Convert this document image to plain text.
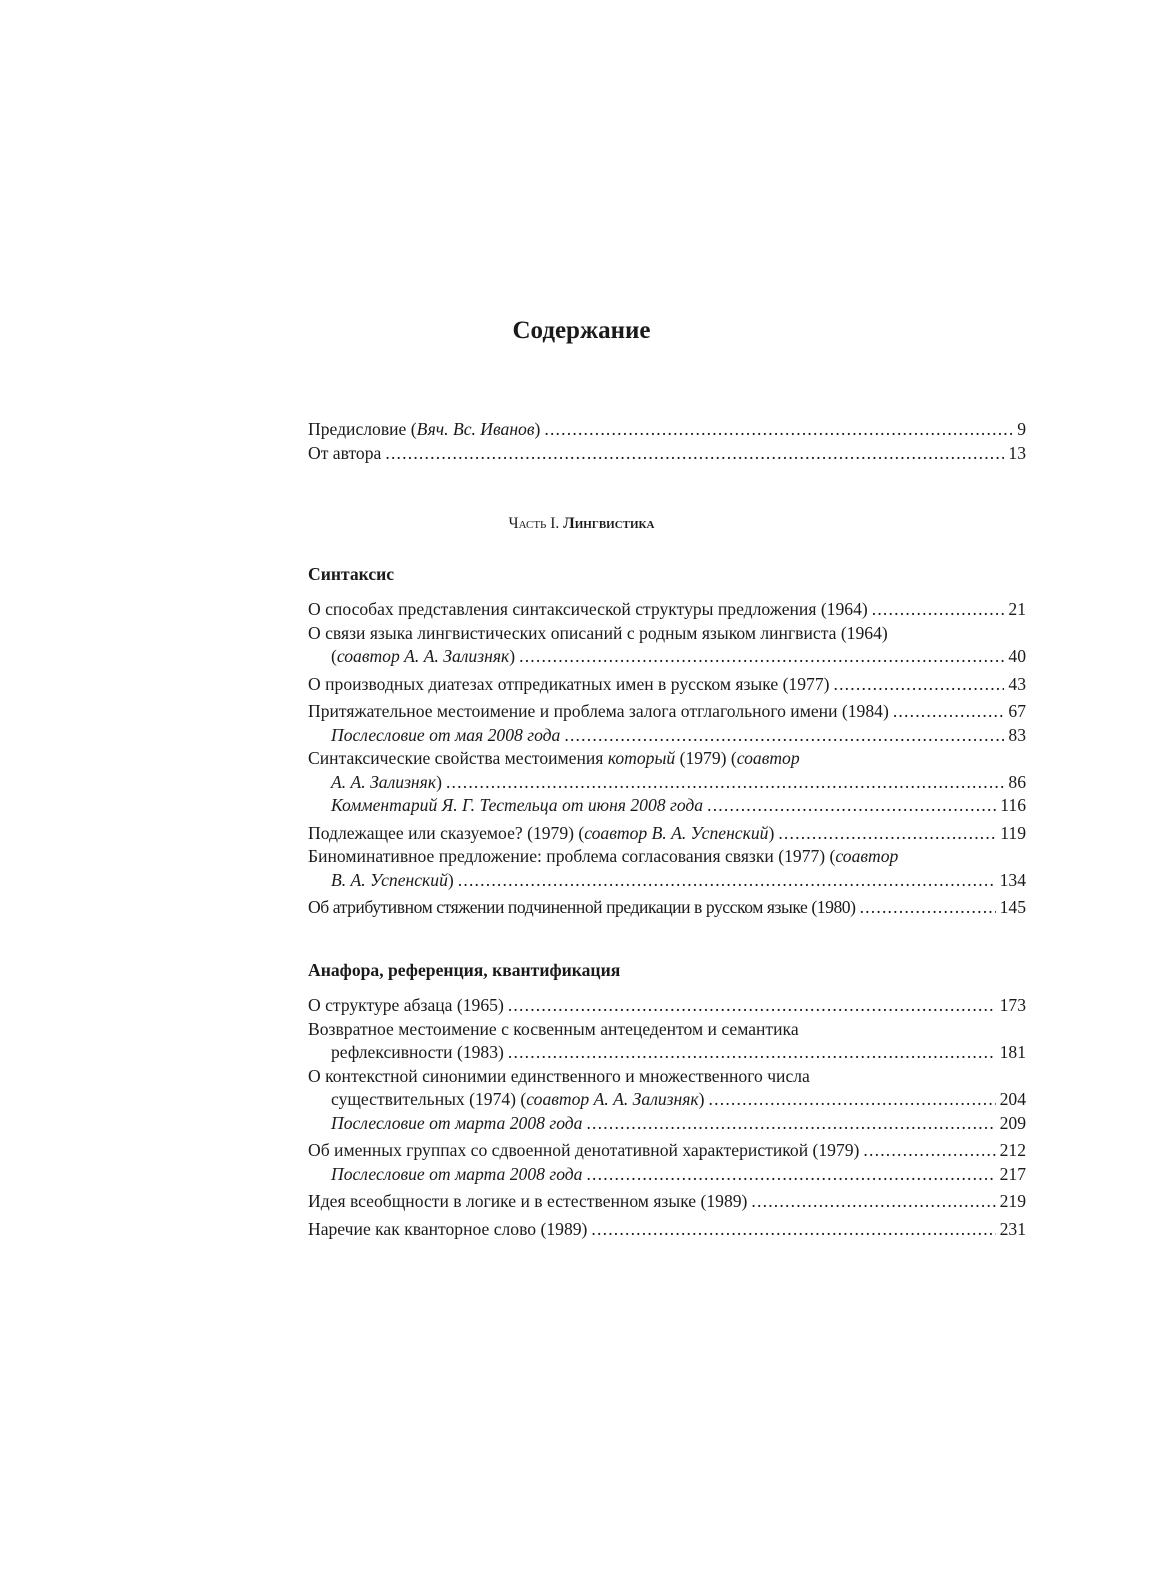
Содержание
Предисловие (Вяч. Вс. Иванов) . . .	9
От автора . . .	13
Часть I. Лингвистика
Синтаксис
О способах представления синтаксической структуры предложения (1964) . . .	21
О связи языка лингвистических описаний с родным языком лингвиста (1964)
(соавтор А. А. Зализняк) . . .	40
О производных диатезах отпредикатных имен в русском языке (1977) . . .	43
Притяжательное местоимение и проблема залога отглагольного имени (1984) . . .	67
Послесловие от мая 2008 года . . .	83
Синтаксические свойства местоимения который (1979) (соавтор
А. А. Зализняк) . . .	86
Комментарий Я. Г. Тестельца от июня 2008 года . . .	116
Подлежащее или сказуемое? (1979) (соавтор В. А. Успенский) . . .	119
Биноминативное предложение: проблема согласования связки (1977) (соавтор
В. А. Успенский) . . .	134
Об атрибутивном стяжении подчиненной предикации в русском языке (1980) . . .	145
Анафора, референция, квантификация
О структуре абзаца (1965) . . .	173
Возвратное местоимение с косвенным антецедентом и семантика
рефлексивности (1983) . . .	181
О контекстной синонимии единственного и множественного числа
существительных (1974) (соавтор А. А. Зализняк) . . .	204
Послесловие от марта 2008 года . . .	209
Об именных группах со сдвоенной денотативной характеристикой (1979) . . .	212
Послесловие от марта 2008 года . . .	217
Идея всеобщности в логике и в естественном языке (1989) . . .	219
Наречие как кванторное слово (1989) . . .	231
